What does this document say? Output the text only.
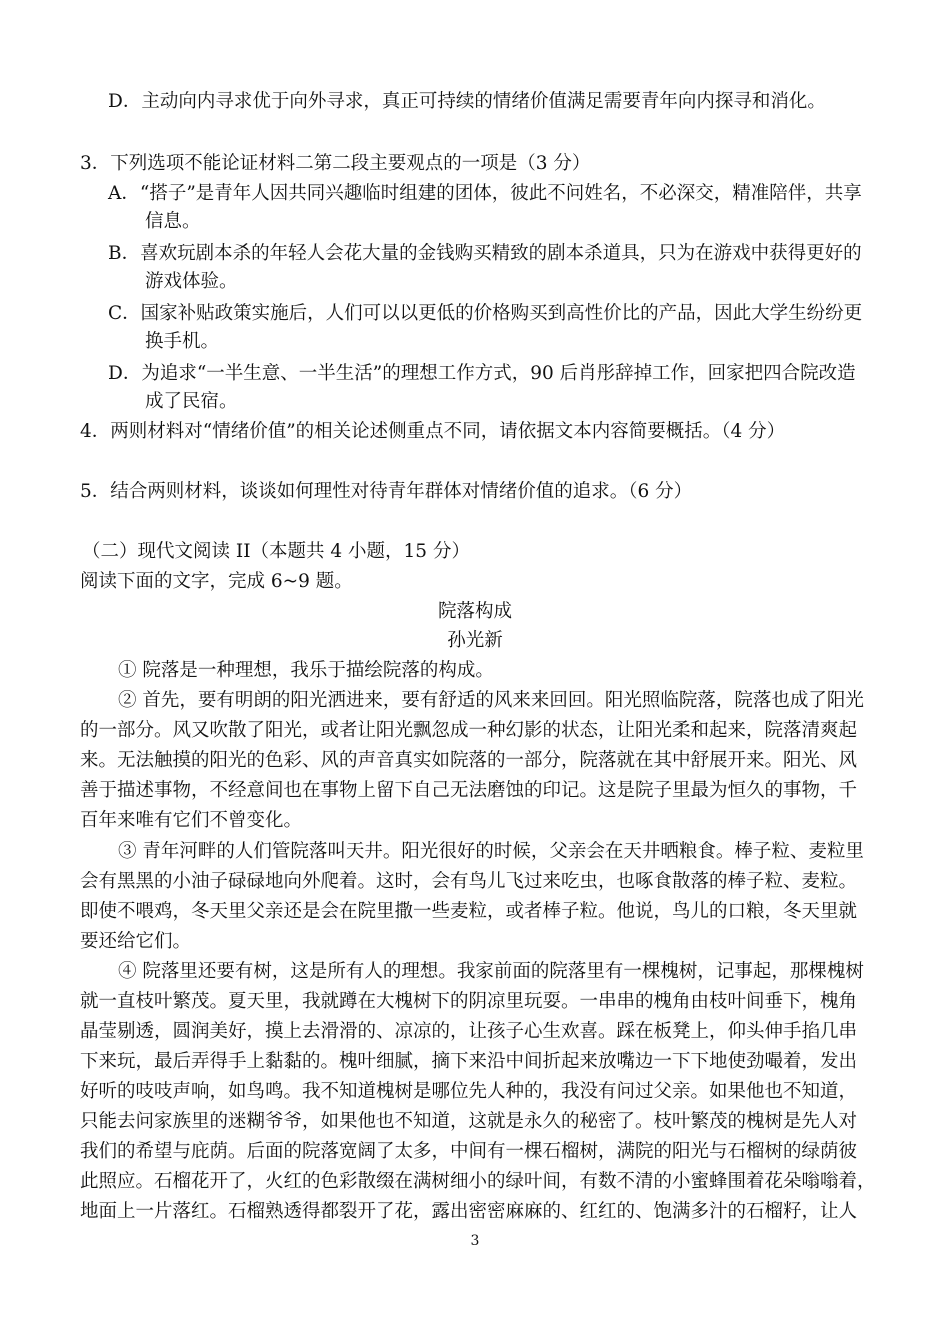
D．主动向内寻求优于向外寻求，真正可持续的情绪价值满足需要青年向内探寻和消化。
3．下列选项不能论证材料二第二段主要观点的一项是（3 分）
A．“搭子”是青年人因共同兴趣临时组建的团体，彼此不问姓名，不必深交，精准陪伴，共享
信息。
B．喜欢玩剧本杀的年轻人会花大量的金钱购买精致的剧本杀道具，只为在游戏中获得更好的
游戏体验。
C．国家补贴政策实施后，人们可以以更低的价格购买到高性价比的产品，因此大学生纷纷更
换手机。
D．为追求“一半生意、一半生活”的理想工作方式，90 后肖彤辞掉工作，回家把四合院改造
成了民宿。
4．两则材料对“情绪价值”的相关论述侧重点不同，请依据文本内容简要概括。（4 分）
5．结合两则材料，谈谈如何理性对待青年群体对情绪价值的追求。（6 分）
（二）现代文阅读 II（本题共 4 小题，15 分）
阅读下面的文字，完成 6~9 题。
院落构成
孙光新
① 院落是一种理想，我乐于描绘院落的构成。
② 首先，要有明朗的阳光洒进来，要有舒适的风来来回回。阳光照临院落，院落也成了阳光
的一部分。风又吹散了阳光，或者让阳光飘忽成一种幻影的状态，让阳光柔和起来，院落清爽起
来。无法触摸的阳光的色彩、风的声音真实如院落的一部分，院落就在其中舒展开来。阳光、风
善于描述事物，不经意间也在事物上留下自己无法磨蚀的印记。这是院子里最为恒久的事物，千
百年来唯有它们不曾变化。
③ 青年河畔的人们管院落叫天井。阳光很好的时候，父亲会在天井晒粮食。棒子粒、麦粒里
会有黑黑的小油子碌碌地向外爬着。这时，会有鸟儿飞过来吃虫，也啄食散落的棒子粒、麦粒。
即使不喂鸡，冬天里父亲还是会在院里撒一些麦粒，或者棒子粒。他说，鸟儿的口粮，冬天里就
要还给它们。
④ 院落里还要有树，这是所有人的理想。我家前面的院落里有一棵槐树，记事起，那棵槐树
就一直枝叶繁茂。夏天里，我就蹲在大槐树下的阴凉里玩耍。一串串的槐角由枝叶间垂下，槐角
晶莹剔透，圆润美好，摸上去滑滑的、凉凉的，让孩子心生欢喜。踩在板凳上，仰头伸手掐几串
下来玩，最后弄得手上黏黏的。槐叶细腻，摘下来沿中间折起来放嘴边一下下地使劲嘬着，发出
好听的吱吱声响，如鸟鸣。我不知道槐树是哪位先人种的，我没有问过父亲。如果他也不知道，
只能去问家族里的迷糊爷爷，如果他也不知道，这就是永久的秘密了。枝叶繁茂的槐树是先人对
我们的希望与庇荫。后面的院落宽阔了太多，中间有一棵石榴树，满院的阳光与石榴树的绿荫彼
此照应。石榴花开了，火红的色彩散缀在满树细小的绿叶间，有数不清的小蜜蜂围着花朵嗡嗡着，
地面上一片落红。石榴熟透得都裂开了花，露出密密麻麻的、红红的、饱满多汁的石榴籽，让人
3
